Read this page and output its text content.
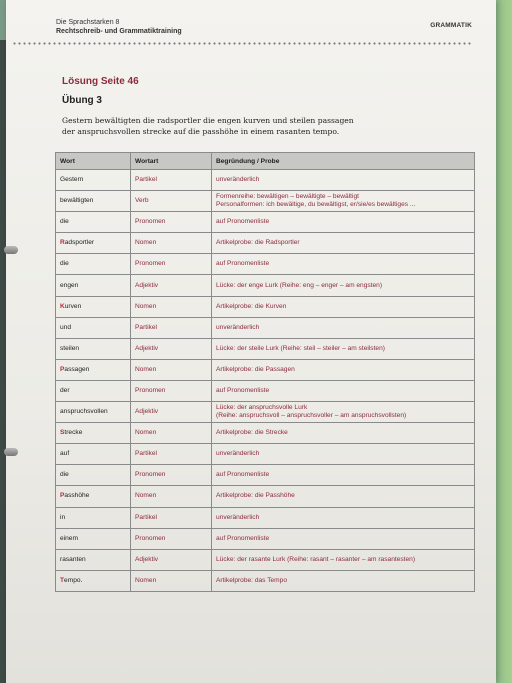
Die Sprachstarken 8
Rechtschreib- und Grammatiktraining
GRAMMATIK
Lösung Seite 46
Übung 3
Gestern bewältigten die radsportler die engen kurven und steilen passagen der anspruchsvollen strecke auf die passhöhe in einem rasanten tempo.
Wort	Wortart	Begründung / Probe
Gestern	Partikel	unveränderlich

bewältigten	Verb	Formenreihe: bewältigen – bewältigte – bewältigt
Personalformen: ich bewältige, du bewältigst, er/sie/es bewältiges ...

die	Pronomen	auf Pronomenliste

Radsportler	Nomen	Artikelprobe: die Radsportler

die	Pronomen	auf Pronomenliste

engen	Adjektiv	Lücke: der enge Lurk (Reihe: eng – enger – am engsten)

Kurven	Nomen	Artikelprobe: die Kurven

und	Partikel	unveränderlich

steilen	Adjektiv	Lücke: der steile Lurk (Reihe: steil – steiler – am steilsten)

Passagen	Nomen	Artikelprobe: die Passagen

der	Pronomen	auf Pronomenliste

anspruchsvollen	Adjektiv	Lücke: der anspruchsvolle Lurk
(Reihe: anspruchsvoll – anspruchsvoller – am anspruchsvollsten)

Strecke	Nomen	Artikelprobe: die Strecke

auf	Partikel	unveränderlich

die	Pronomen	auf Pronomenliste

Passhöhe	Nomen	Artikelprobe: die Passhöhe

in	Partikel	unveränderlich

einem	Pronomen	auf Pronomenliste

rasanten	Adjektiv	Lücke: der rasante Lurk (Reihe: rasant – rasanter – am rasantesten)

Tempo.	Nomen	Artikelprobe: das Tempo
